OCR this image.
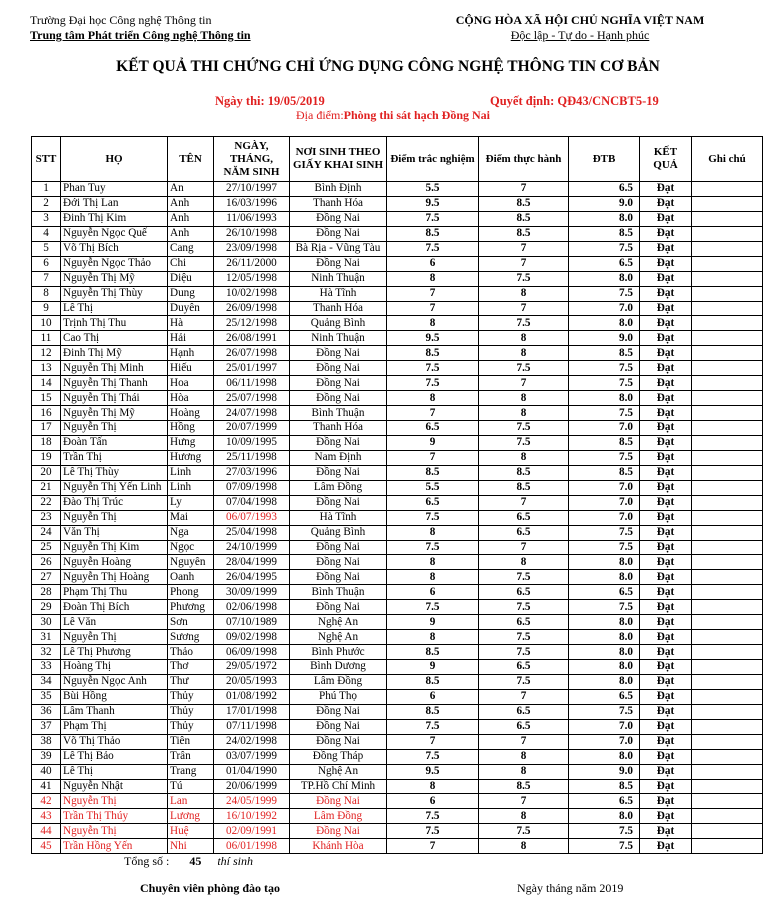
Trường Đại học Công nghệ Thông tin
Trung tâm Phát triển Công nghệ Thông tin
CỘNG HÒA XÃ HỘI CHỦ NGHĨA VIỆT NAM
Độc lập - Tự do - Hạnh phúc
KẾT QUẢ THI CHỨNG CHỈ ỨNG DỤNG CÔNG NGHỆ THÔNG TIN CƠ BẢN
Ngày thi: 19/05/2019	Quyết định: QĐ43/CNCBT5-19
Địa điểm:Phòng thi sát hạch Đồng Nai
STT	HỌ	TÊN	NGÀY, THÁNG, NĂM SINH	NƠI SINH THEO GIẤY KHAI SINH	Điểm trắc nghiệm	Điểm thực hành	ĐTB	KẾT QUẢ	Ghi chú
1	Phan Tuy	An	27/10/1997	Bình Định	5.5	7	6.5	Đạt	
2	Đới Thị Lan	Anh	16/03/1996	Thanh Hóa	9.5	8.5	9.0	Đạt	
3	Đinh Thị Kim	Anh	11/06/1993	Đồng Nai	7.5	8.5	8.0	Đạt	
4	Nguyễn Ngọc Quế	Anh	26/10/1998	Đồng Nai	8.5	8.5	8.5	Đạt	
5	Võ Thị Bích	Cang	23/09/1998	Bà Rịa - Vũng Tàu	7.5	7	7.5	Đạt	
6	Nguyễn Ngọc Thảo	Chi	26/11/2000	Đồng Nai	6	7	6.5	Đạt	
7	Nguyễn Thị Mỹ	Diệu	12/05/1998	Ninh Thuận	8	7.5	8.0	Đạt	
8	Nguyễn Thị Thùy	Dung	10/02/1998	Hà Tĩnh	7	8	7.5	Đạt	
9	Lê Thị	Duyên	26/09/1998	Thanh Hóa	7	7	7.0	Đạt	
10	Trịnh Thị Thu	Hà	25/12/1998	Quảng Bình	8	7.5	8.0	Đạt	
11	Cao Thị	Hải	26/08/1991	Ninh Thuận	9.5	8	9.0	Đạt	
12	Đinh Thị Mỹ	Hạnh	26/07/1998	Đồng Nai	8.5	8	8.5	Đạt	
13	Nguyễn Thị Minh	Hiếu	25/01/1997	Đồng Nai	7.5	7.5	7.5	Đạt	
14	Nguyễn Thị Thanh	Hoa	06/11/1998	Đồng Nai	7.5	7	7.5	Đạt	
15	Nguyễn Thị Thái	Hòa	25/07/1998	Đồng Nai	8	8	8.0	Đạt	
16	Nguyễn Thị Mỹ	Hoàng	24/07/1998	Bình Thuận	7	8	7.5	Đạt	
17	Nguyễn Thị	Hồng	20/07/1999	Thanh Hóa	6.5	7.5	7.0	Đạt	
18	Đoàn Tấn	Hưng	10/09/1995	Đồng Nai	9	7.5	8.5	Đạt	
19	Trần Thị	Hương	25/11/1998	Nam Định	7	8	7.5	Đạt	
20	Lê Thị Thùy	Linh	27/03/1996	Đồng Nai	8.5	8.5	8.5	Đạt	
21	Nguyễn Thị Yến Linh	Linh	07/09/1998	Lâm Đồng	5.5	8.5	7.0	Đạt	
22	Đào Thị Trúc	Ly	07/04/1998	Đồng Nai	6.5	7	7.0	Đạt	
23	Nguyễn Thị	Mai	06/07/1993	Hà Tĩnh	7.5	6.5	7.0	Đạt	
24	Văn Thị	Nga	25/04/1998	Quảng Bình	8	6.5	7.5	Đạt	
25	Nguyễn Thị Kim	Ngọc	24/10/1999	Đồng Nai	7.5	7	7.5	Đạt	
26	Nguyễn Hoàng	Nguyên	28/04/1999	Đồng Nai	8	8	8.0	Đạt	
27	Nguyễn Thị Hoàng	Oanh	26/04/1995	Đồng Nai	8	7.5	8.0	Đạt	
28	Phạm Thị Thu	Phong	30/09/1999	Bình Thuận	6	6.5	6.5	Đạt	
29	Đoàn Thị Bích	Phương	02/06/1998	Đồng Nai	7.5	7.5	7.5	Đạt	
30	Lê Văn	Sơn	07/10/1989	Nghệ An	9	6.5	8.0	Đạt	
31	Nguyễn Thị	Sương	09/02/1998	Nghệ An	8	7.5	8.0	Đạt	
32	Lê Thị Phương	Thảo	06/09/1998	Bình Phước	8.5	7.5	8.0	Đạt	
33	Hoàng Thị	Thơ	29/05/1972	Bình Dương	9	6.5	8.0	Đạt	
34	Nguyễn Ngọc Anh	Thư	20/05/1993	Lâm Đồng	8.5	7.5	8.0	Đạt	
35	Bùi Hồng	Thủy	01/08/1992	Phú Thọ	6	7	6.5	Đạt	
36	Lâm Thanh	Thủy	17/01/1998	Đồng Nai	8.5	6.5	7.5	Đạt	
37	Phạm Thị	Thủy	07/11/1998	Đồng Nai	7.5	6.5	7.0	Đạt	
38	Võ Thị Thảo	Tiên	24/02/1998	Đồng Nai	7	7	7.0	Đạt	
39	Lê Thị Bảo	Trân	03/07/1999	Đồng Tháp	7.5	8	8.0	Đạt	
40	Lê Thị	Trang	01/04/1990	Nghệ An	9.5	8	9.0	Đạt	
41	Nguyễn Nhật	Tú	20/06/1999	TP.Hồ Chí Minh	8	8.5	8.5	Đạt	
42	Nguyễn Thị	Lan	24/05/1999	Đồng Nai	6	7	6.5	Đạt	
43	Trần Thị Thúy	Lương	16/10/1992	Lâm Đồng	7.5	8	8.0	Đạt	
44	Nguyễn Thị	Huệ	02/09/1991	Đồng Nai	7.5	7.5	7.5	Đạt	
45	Trần Hồng Yến	Nhi	06/01/1998	Khánh Hòa	7	8	7.5	Đạt	
Tổng số : 45 thí sinh
Chuyên viên phòng đào tạo	Ngày tháng năm 2019
